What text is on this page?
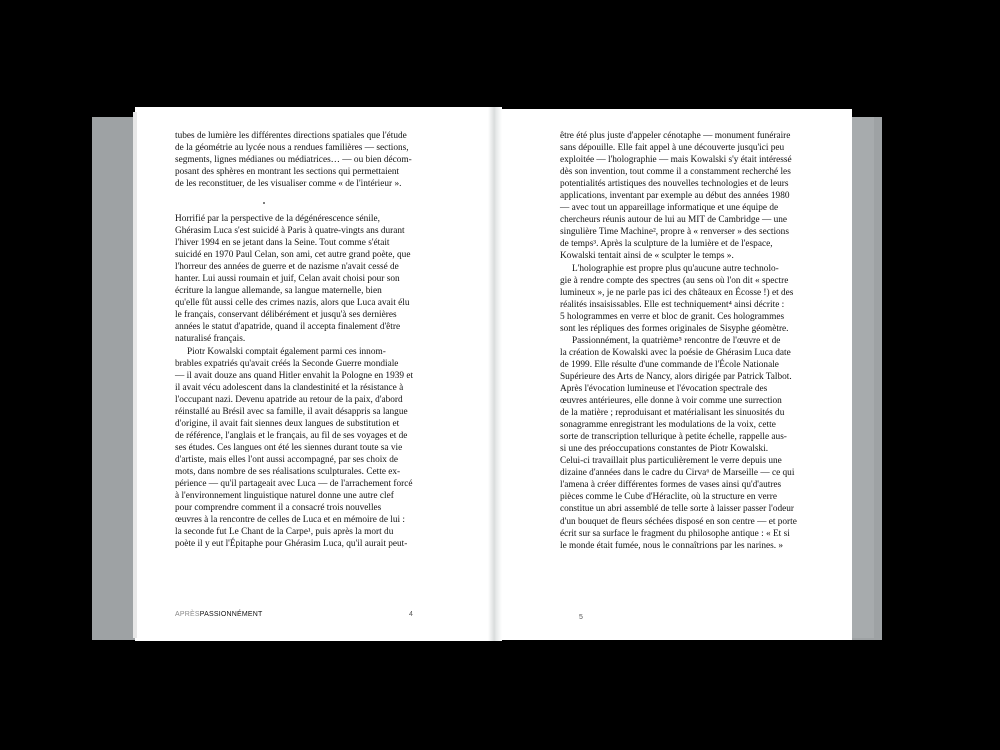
tubes de lumière les différentes directions spatiales que l'étude
de la géométrie au lycée nous a rendues familières — sections,
segments, lignes médianes ou médiatrices… — ou bien décom-
posant des sphères en montrant les sections qui permettaient
de les reconstituer, de les visualiser comme « de l'intérieur ».
Horrifié par la perspective de la dégénérescence sénile,
Ghérasim Luca s'est suicidé à Paris à quatre-vingts ans durant
l'hiver 1994 en se jetant dans la Seine. Tout comme s'était
suicidé en 1970 Paul Celan, son ami, cet autre grand poète, que
l'horreur des années de guerre et de nazisme n'avait cessé de
hanter. Lui aussi roumain et juif, Celan avait choisi pour son
écriture la langue allemande, sa langue maternelle, bien
qu'elle fût aussi celle des crimes nazis, alors que Luca avait élu
le français, conservant délibérément et jusqu'à ses dernières
années le statut d'apatride, quand il accepta finalement d'être
naturalisé français.
Piotr Kowalski comptait également parmi ces innom-
brables expatriés qu'avait créés la Seconde Guerre mondiale
— il avait douze ans quand Hitler envahit la Pologne en 1939 et
il avait vécu adolescent dans la clandestinité et la résistance à
l'occupant nazi. Devenu apatride au retour de la paix, d'abord
réinstallé au Brésil avec sa famille, il avait désappris sa langue
d'origine, il avait fait siennes deux langues de substitution et
de référence, l'anglais et le français, au fil de ses voyages et de
ses études. Ces langues ont été les siennes durant toute sa vie
d'artiste, mais elles l'ont aussi accompagné, par ses choix de
mots, dans nombre de ses réalisations sculpturales. Cette ex-
périence — qu'il partageait avec Luca — de l'arrachement forcé
à l'environnement linguistique naturel donne une autre clef
pour comprendre comment il a consacré trois nouvelles
œuvres à la rencontre de celles de Luca et en mémoire de lui :
la seconde fut Le Chant de la Carpe¹, puis après la mort du
poète il y eut l'Épitaphe pour Ghérasim Luca, qu'il aurait peut-
APRÈSPASSIONNÉMENT	4
être été plus juste d'appeler cénotaphe — monument funéraire
sans dépouille. Elle fait appel à une découverte jusqu'ici peu
exploitée — l'holographie — mais Kowalski s'y était intéressé
dès son invention, tout comme il a constamment recherché les
potentialités artistiques des nouvelles technologies et de leurs
applications, inventant par exemple au début des années 1980
— avec tout un appareillage informatique et une équipe de
chercheurs réunis autour de lui au MIT de Cambridge — une
singulière Time Machine², propre à « renverser » des sections
de temps³. Après la sculpture de la lumière et de l'espace,
Kowalski tentait ainsi de « sculpter le temps ».
L'holographie est propre plus qu'aucune autre technolo-
gie à rendre compte des spectres (au sens où l'on dit « spectre
lumineux », je ne parle pas ici des châteaux en Écosse !) et des
réalités insaisissables. Elle est techniquement⁴ ainsi décrite :
5 hologrammes en verre et bloc de granit. Ces hologrammes
sont les répliques des formes originales de Sisyphe géomètre.
Passionnément, la quatrième⁵ rencontre de l'œuvre et de
la création de Kowalski avec la poésie de Ghérasim Luca date
de 1999. Elle résulte d'une commande de l'École Nationale
Supérieure des Arts de Nancy, alors dirigée par Patrick Talbot.
Après l'évocation lumineuse et l'évocation spectrale des
œuvres antérieures, elle donne à voir comme une surrection
de la matière ; reproduisant et matérialisant les sinuosités du
sonagramme enregistrant les modulations de la voix, cette
sorte de transcription tellurique à petite échelle, rappelle aus-
si une des préoccupations constantes de Piotr Kowalski.
Celui-ci travaillait plus particulièrement le verre depuis une
dizaine d'années dans le cadre du Cirva⁶ de Marseille — ce qui
l'amena à créer différentes formes de vases ainsi qu'd'autres
pièces comme le Cube d'Héraclite, où la structure en verre
constitue un abri assemblé de telle sorte à laisser passer l'odeur
d'un bouquet de fleurs séchées disposé en son centre — et porte
écrit sur sa surface le fragment du philosophe antique : « Et si
le monde était fumée, nous le connaîtrions par les narines. »
5
